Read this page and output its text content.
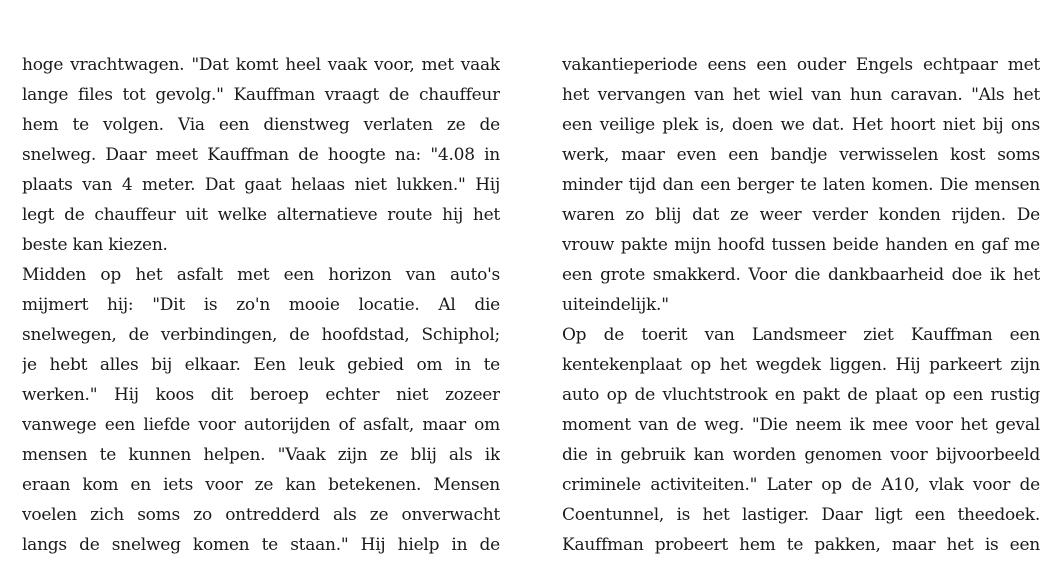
hoge vrachtwagen. "Dat komt heel vaak voor, met vaak
lange files tot gevolg." Kauffman vraagt de chauffeur
hem te volgen. Via een dienstweg verlaten ze de
snelweg. Daar meet Kauffman de hoogte na: "4.08 in
plaats van 4 meter. Dat gaat helaas niet lukken." Hij
legt de chauffeur uit welke alternatieve route hij het
beste kan kiezen.
Midden op het asfalt met een horizon van auto's
mijmert hij: "Dit is zo'n mooie locatie. Al die
snelwegen, de verbindingen, de hoofdstad, Schiphol;
je hebt alles bij elkaar. Een leuk gebied om in te
werken." Hij koos dit beroep echter niet zozeer
vanwege een liefde voor autorijden of asfalt, maar om
mensen te kunnen helpen. "Vaak zijn ze blij als ik
eraan kom en iets voor ze kan betekenen. Mensen
voelen zich soms zo ontredderd als ze onverwacht
langs de snelweg komen te staan." Hij hielp in de
vakantieperiode eens een ouder Engels echtpaar met
het vervangen van het wiel van hun caravan. "Als het
een veilige plek is, doen we dat. Het hoort niet bij ons
werk, maar even een bandje verwisselen kost soms
minder tijd dan een berger te laten komen. Die mensen
waren zo blij dat ze weer verder konden rijden. De
vrouw pakte mijn hoofd tussen beide handen en gaf me
een grote smakkerd. Voor die dankbaarheid doe ik het
uiteindelijk."
Op de toerit van Landsmeer ziet Kauffman een
kentekenplaat op het wegdek liggen. Hij parkeert zijn
auto op de vluchtstrook en pakt de plaat op een rustig
moment van de weg. "Die neem ik mee voor het geval
die in gebruik kan worden genomen voor bijvoorbeeld
criminele activiteiten." Later op de A10, vlak voor de
Coentunnel, is het lastiger. Daar ligt een theedoek.
Kauffman probeert hem te pakken, maar het is een
